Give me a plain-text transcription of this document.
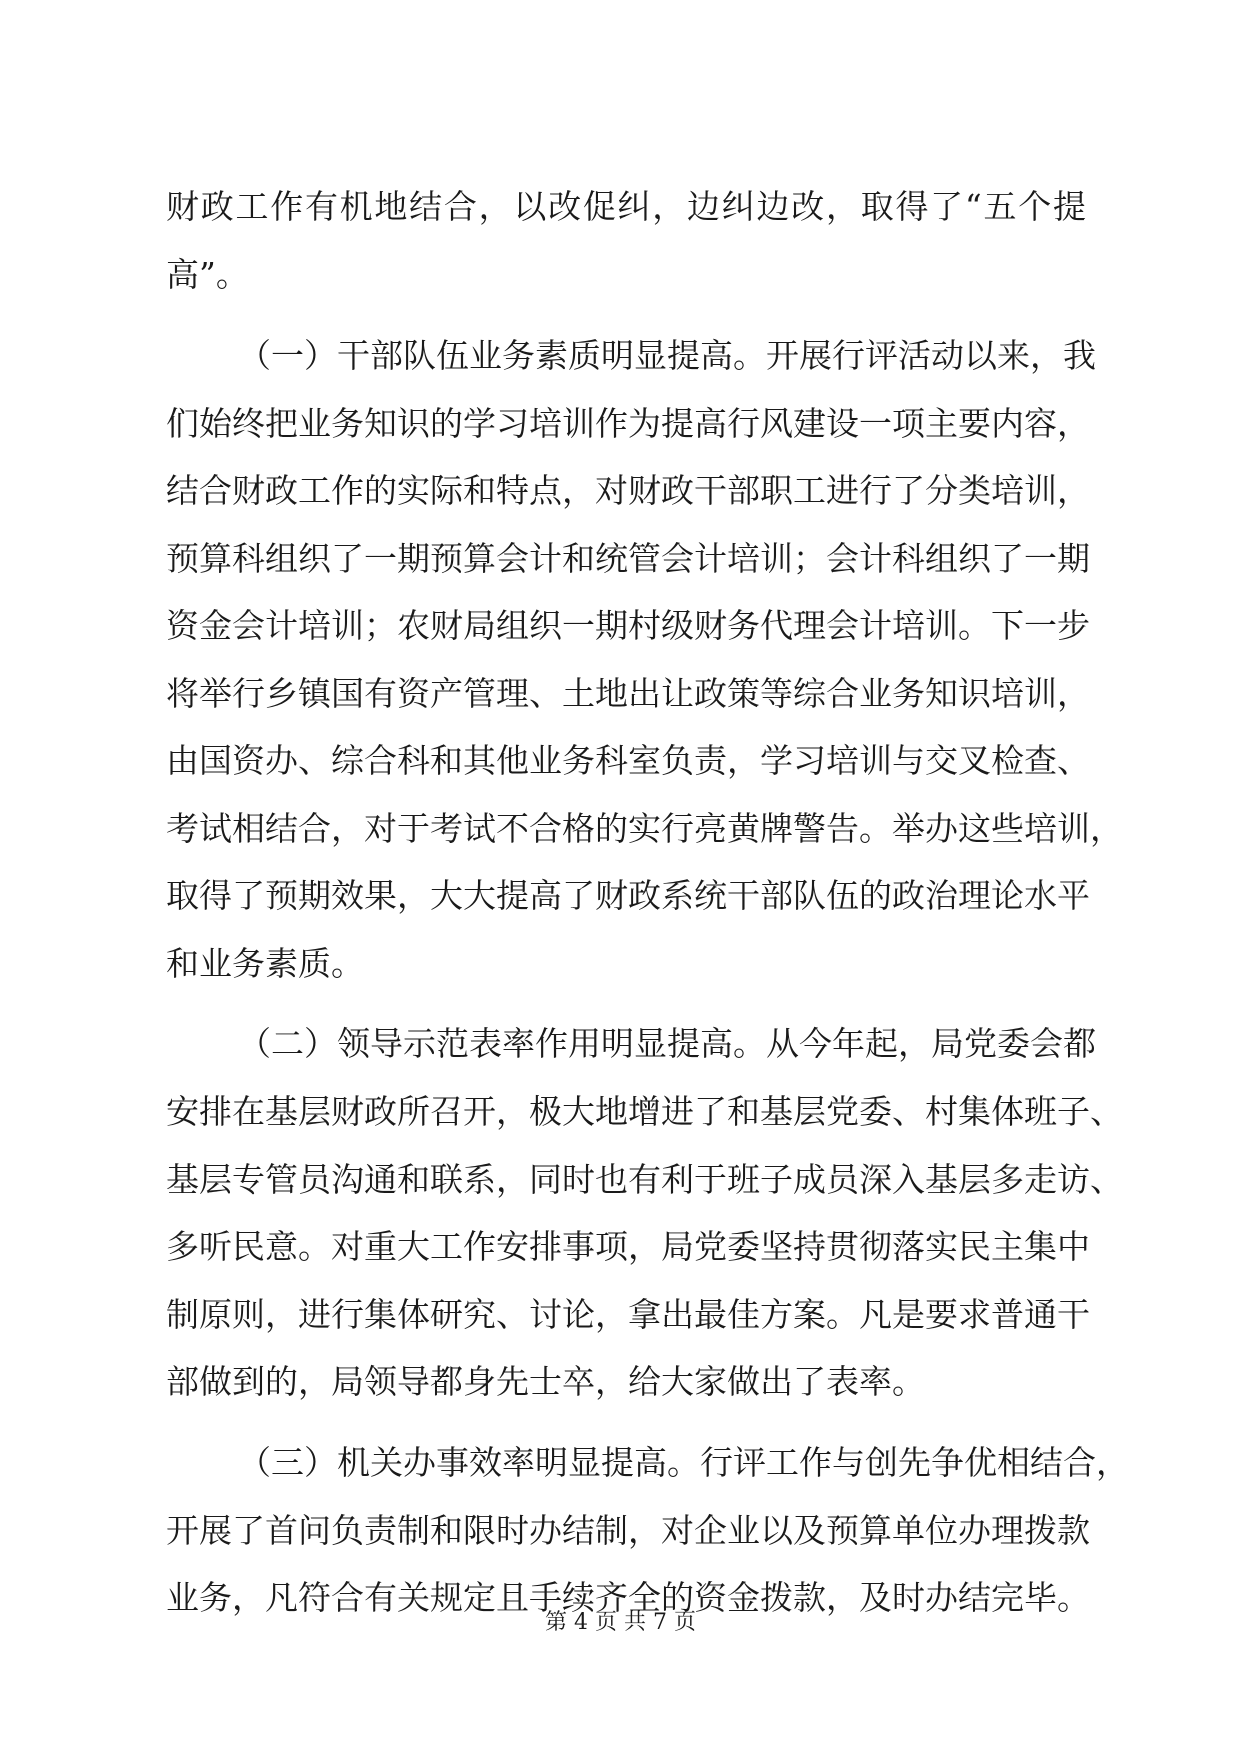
财政工作有机地结合，以改促纠，边纠边改，取得了“五个提
高”。
（一）干部队伍业务素质明显提高。开展行评活动以来，我
们始终把业务知识的学习培训作为提高行风建设一项主要内容，
结合财政工作的实际和特点，对财政干部职工进行了分类培训，
预算科组织了一期预算会计和统管会计培训；会计科组织了一期
资金会计培训；农财局组织一期村级财务代理会计培训。下一步
将举行乡镇国有资产管理、土地出让政策等综合业务知识培训，
由国资办、综合科和其他业务科室负责，学习培训与交叉检查、
考试相结合，对于考试不合格的实行亮黄牌警告。举办这些培训，
取得了预期效果，大大提高了财政系统干部队伍的政治理论水平
和业务素质。
（二）领导示范表率作用明显提高。从今年起，局党委会都
安排在基层财政所召开，极大地增进了和基层党委、村集体班子、
基层专管员沟通和联系，同时也有利于班子成员深入基层多走访、
多听民意。对重大工作安排事项，局党委坚持贯彻落实民主集中
制原则，进行集体研究、讨论，拿出最佳方案。凡是要求普通干
部做到的，局领导都身先士卒，给大家做出了表率。
（三）机关办事效率明显提高。行评工作与创先争优相结合，
开展了首问负责制和限时办结制，对企业以及预算单位办理拨款
业务，凡符合有关规定且手续齐全的资金拨款，及时办结完毕。
第 4 页 共 7 页
